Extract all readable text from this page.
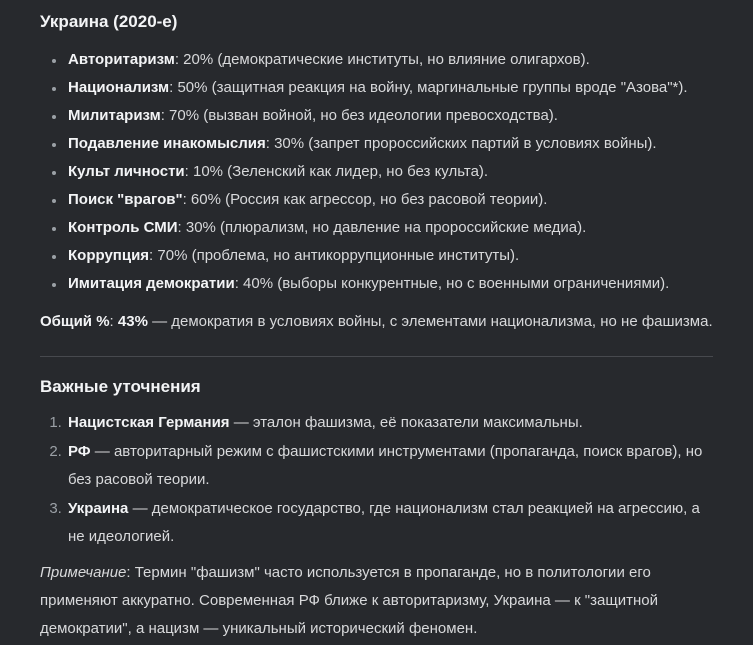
Украина (2020-е)
• Авторитаризм: 20% (демократические институты, но влияние олигархов).
• Национализм: 50% (защитная реакция на войну, маргинальные группы вроде "Азова"*).
• Милитаризм: 70% (вызван войной, но без идеологии превосходства).
• Подавление инакомыслия: 30% (запрет пророссийских партий в условиях войны).
• Культ личности: 10% (Зеленский как лидер, но без культа).
• Поиск "врагов": 60% (Россия как агрессор, но без расовой теории).
• Контроль СМИ: 30% (плюрализм, но давление на пророссийские медиа).
• Коррупция: 70% (проблема, но антикоррупционные институты).
• Имитация демократии: 40% (выборы конкурентные, но с военными ограничениями).

Общий %: 43% — демократия в условиях войны, с элементами национализма, но не фашизма.

Важные уточнения
1. Нацистская Германия — эталон фашизма, её показатели максимальны.
2. РФ — авторитарный режим с фашистскими инструментами (пропаганда, поиск врагов), но без расовой теории.
3. Украина — демократическое государство, где национализм стал реакцией на агрессию, а не идеологией.

Примечание: Термин "фашизм" часто используется в пропаганде, но в политологии его применяют аккуратно. Современная РФ ближе к авторитаризму, Украина — к "защитной демократии", а нацизм — уникальный исторический феномен.
